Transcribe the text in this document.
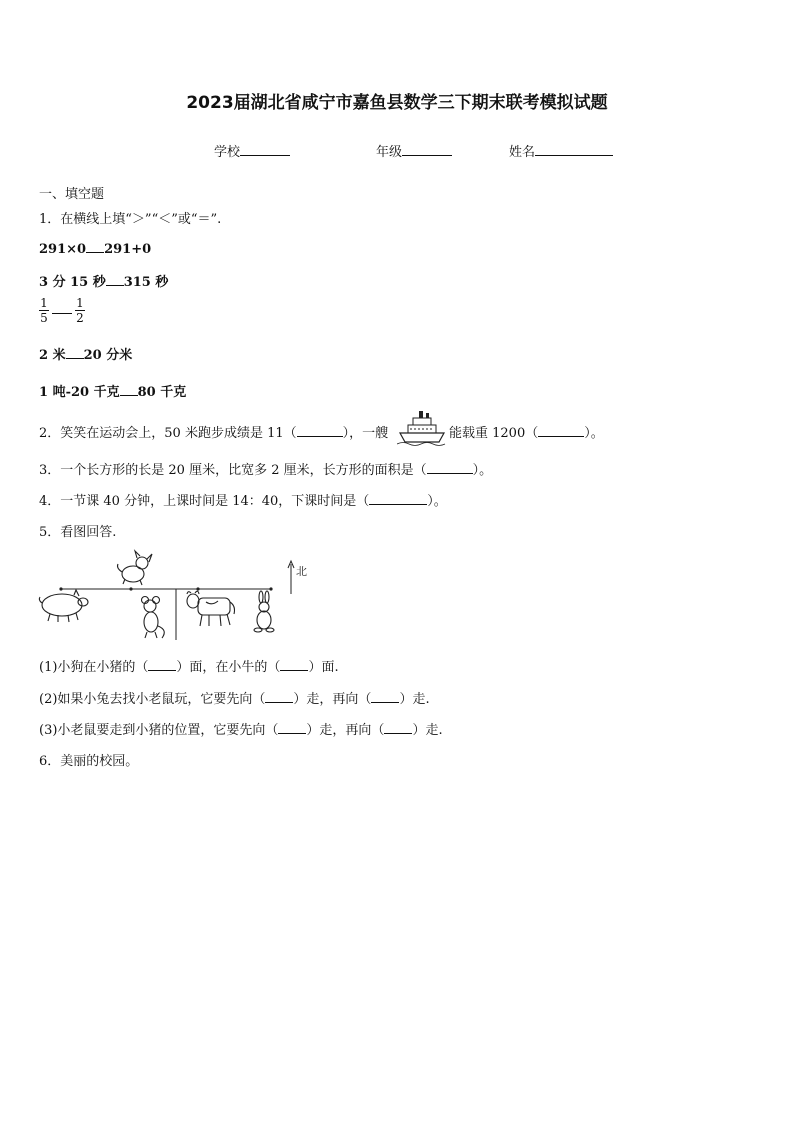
2023届湖北省咸宁市嘉鱼县数学三下期末联考模拟试题
学校	年级	姓名
一、填空题
1．在横线上填“＞”“＜”或“＝”.
291×0 291+0
3 分 15 秒 315 秒
$\frac{1}{5} \frac{1}{2}$
2 米 20 分米
1 吨-20 千克 80 千克
2．笑笑在运动会上，50 米跑步成绩是 11（	），一艘	能载重 1200（	）。
3．一个长方形的长是 20 厘米，比宽多 2 厘米，长方形的面积是（	）。
4．一节课 40 分钟，上课时间是 14：40，下课时间是（	）。
5．看图回答.
北
(1)小狗在小猪的（ ）面，在小牛的（ ）面.
(2)如果小兔去找小老鼠玩，它要先向（ ）走，再向（ ）走.
(3)小老鼠要走到小猪的位置，它要先向（ ）走，再向（ ）走.
6．美丽的校园。
